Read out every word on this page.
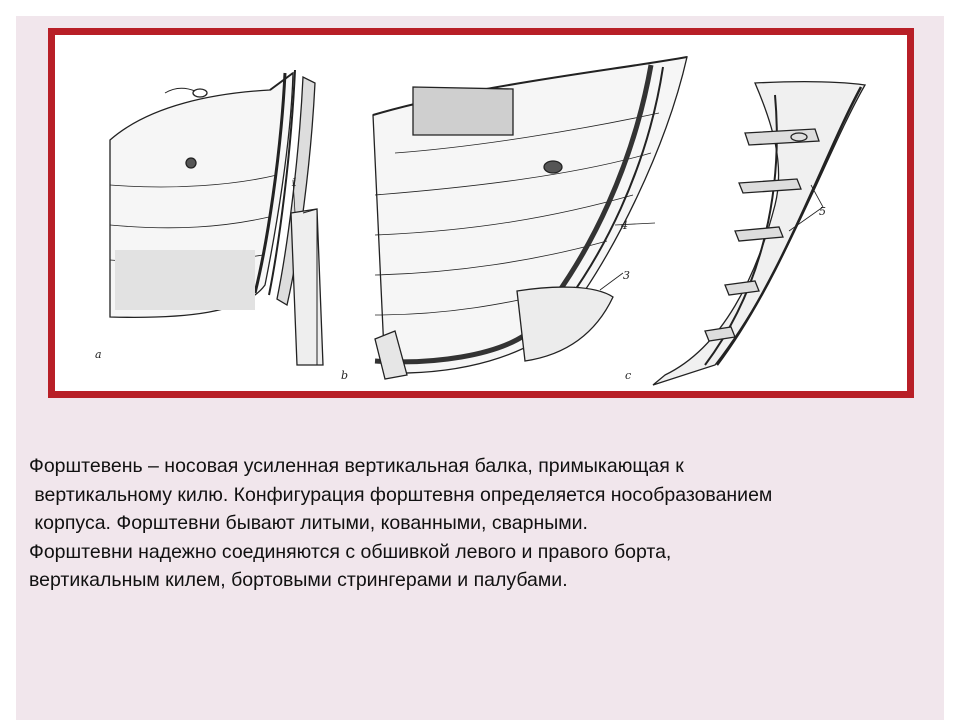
a
b	c
1
4
3
5
Форштевень – носовая усиленная вертикальная балка, примыкающая к
вертикальному килю. Конфигурация форштевня определяется нособразованием
корпуса. Форштевни бывают литыми, кованными, сварными.
Форштевни надежно соединяются с обшивкой левого и правого борта,
вертикальным килем, бортовыми стрингерами и палубами.
